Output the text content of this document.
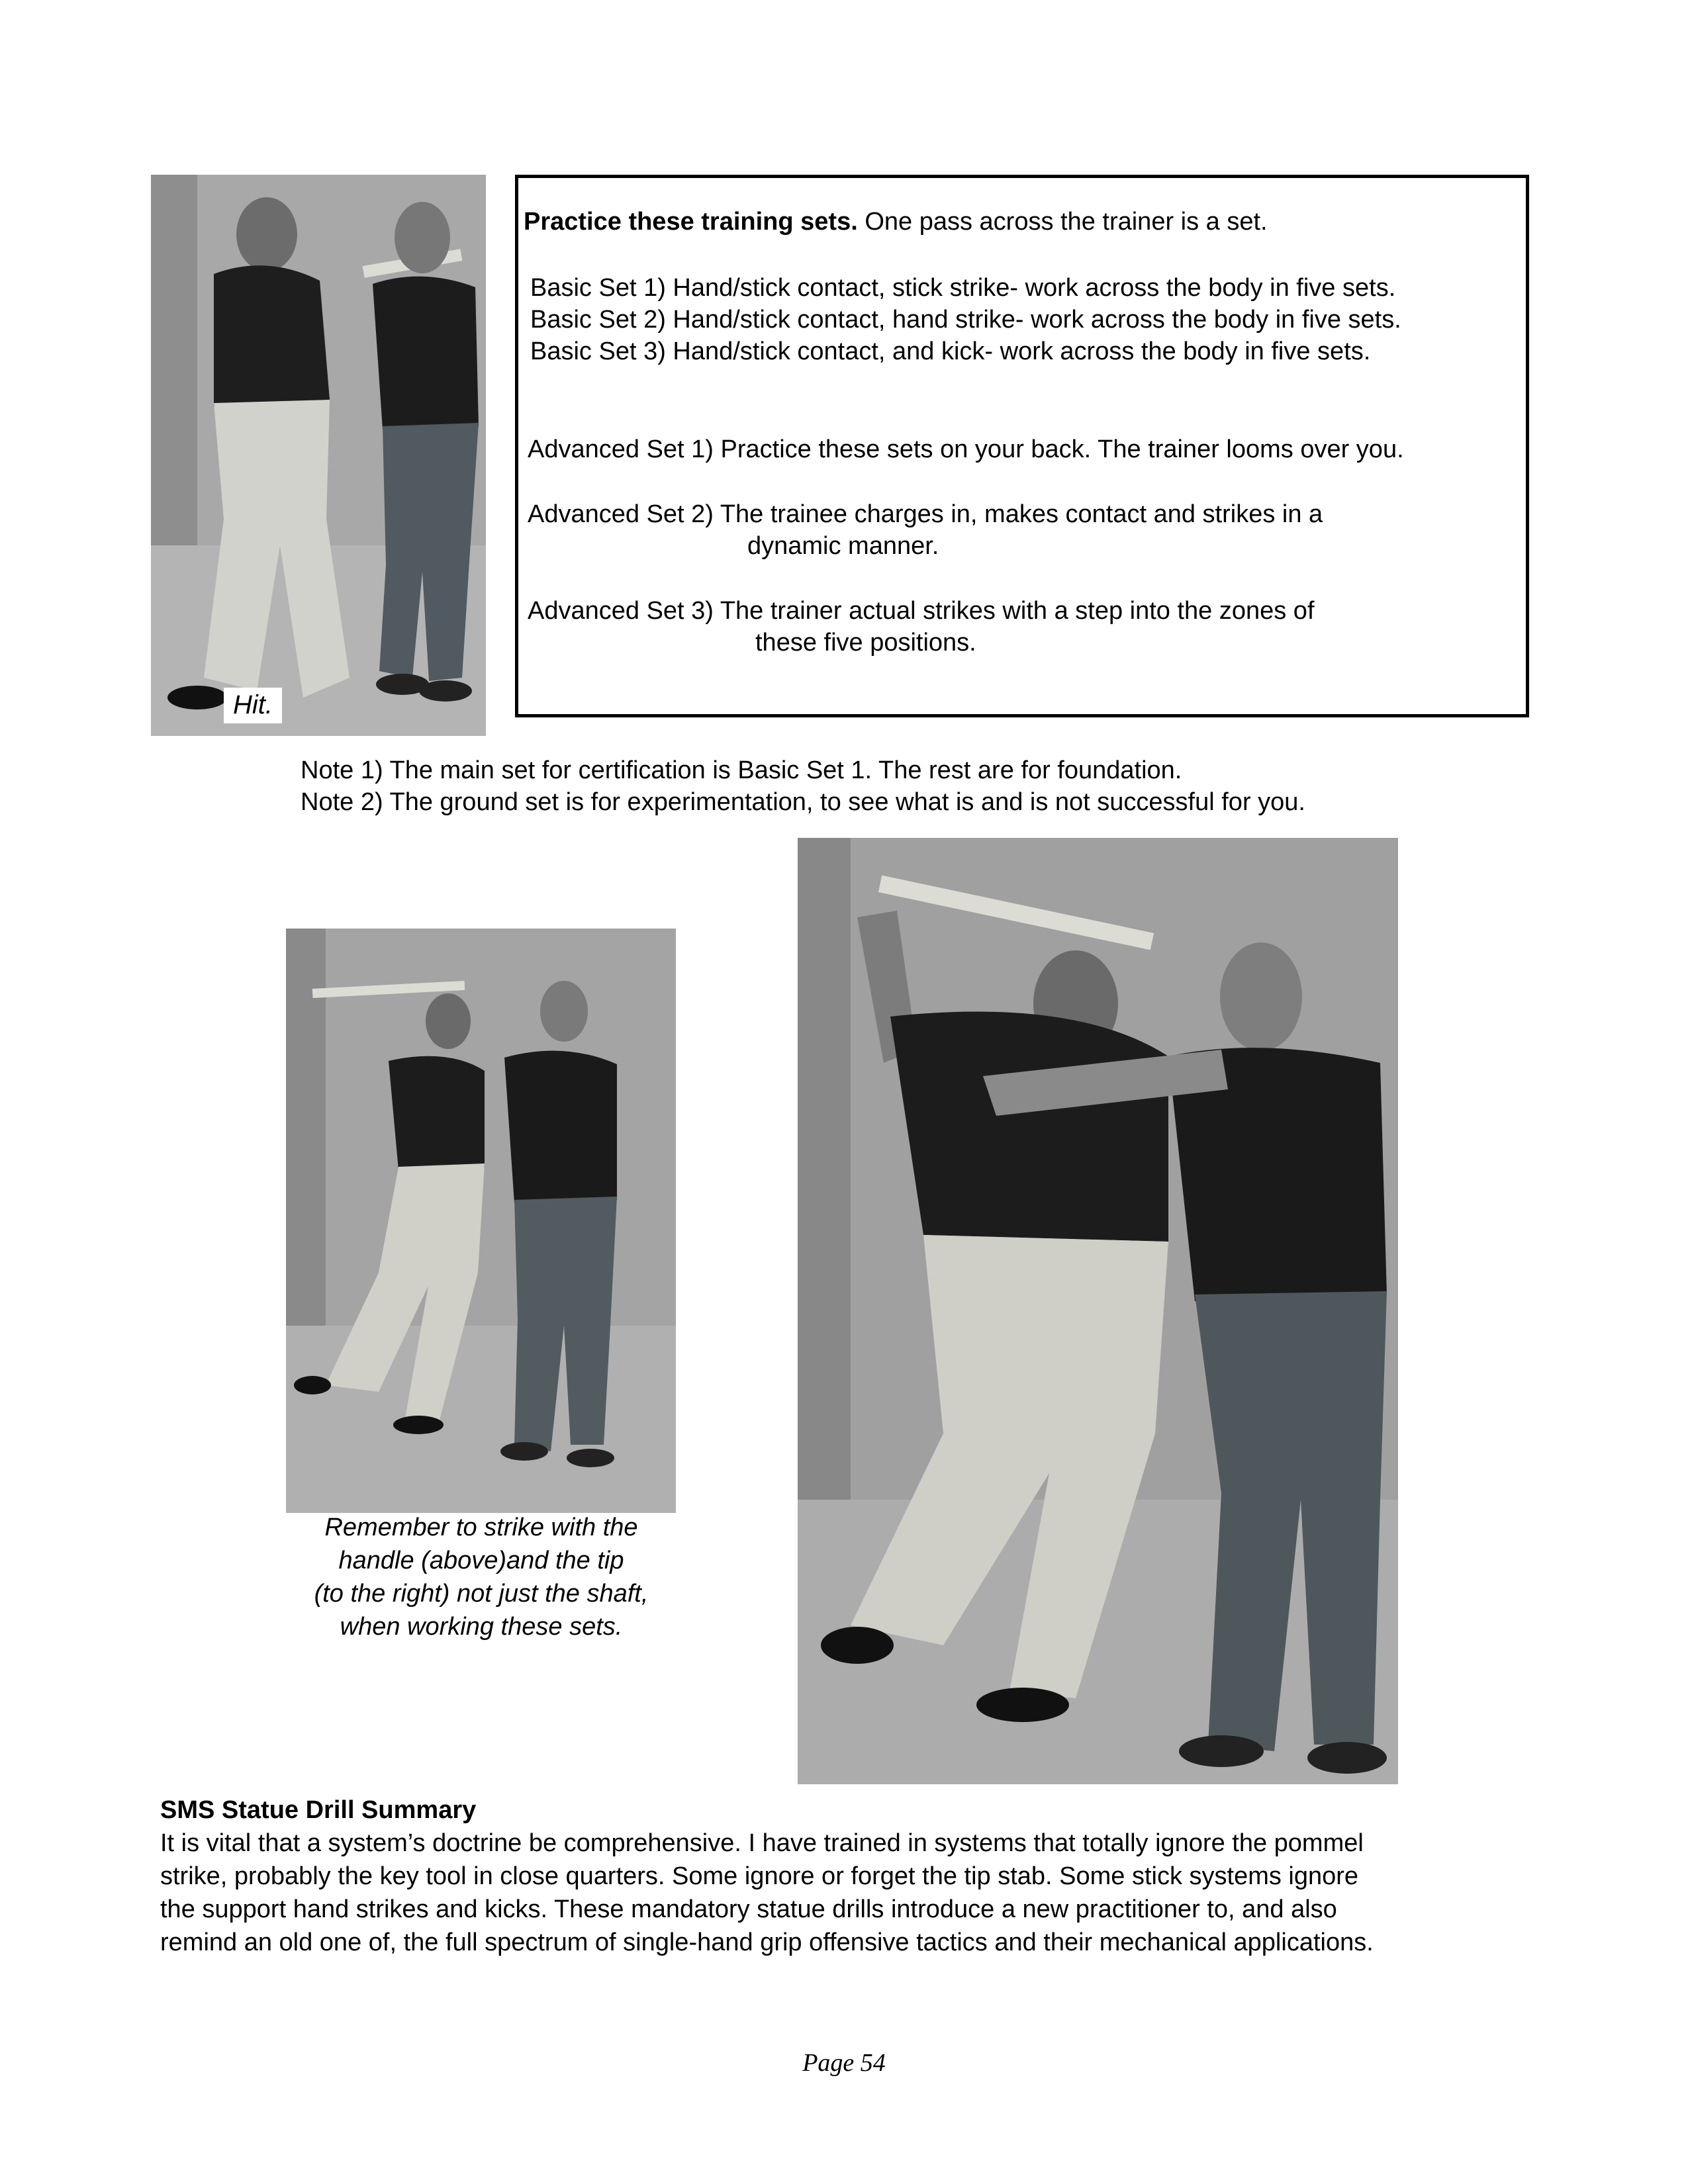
Hit.
Practice these training sets. One pass across the trainer is a set.
Basic Set 1) Hand/stick contact, stick strike- work across the body in five sets.
Basic Set 2) Hand/stick contact, hand strike- work across the body in five sets.
Basic Set 3) Hand/stick contact, and kick- work across the body in five sets.
Advanced Set 1) Practice these sets on your back. The trainer looms over you.
Advanced Set 2) The trainee charges in, makes contact and strikes in a
dynamic manner.
Advanced Set 3) The trainer actual strikes with a step into the zones of
these five positions.
Note 1) The main set for certification is Basic Set 1. The rest are for foundation.
Note 2) The ground set is for experimentation, to see what is and is not successful for you.
Remember to strike with the
handle (above)and the tip
(to the right) not just the shaft,
when working these sets.
SMS Statue Drill Summary
It is vital that a system’s doctrine be comprehensive. I have trained in systems that totally ignore the pommel
strike, probably the key tool in close quarters. Some ignore or forget the tip stab. Some stick systems ignore
the support hand strikes and kicks. These mandatory statue drills introduce a new practitioner to, and also
remind an old one of, the full spectrum of single-hand grip offensive tactics and their mechanical applications.
Page 54
